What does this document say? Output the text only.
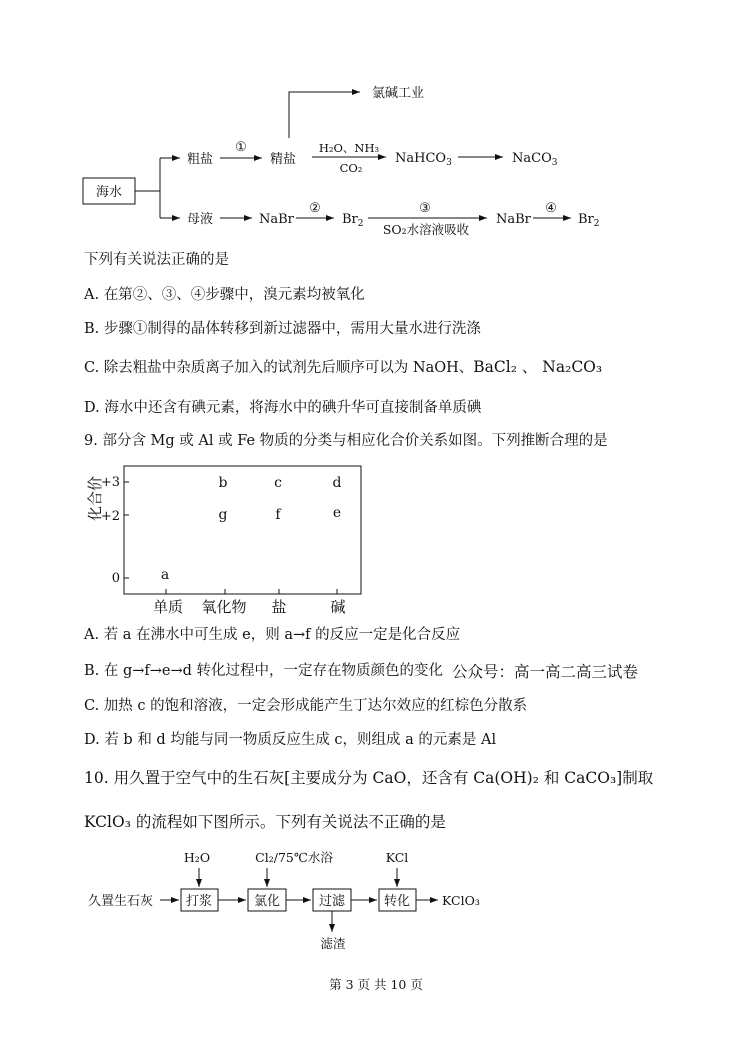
海水
粗盐
①
精盐
氯碱工业
H₂O、NH₃
CO₂
NaHCO$_3$	NaCO$_3$
母液	NaBr
②
$Br_2$
③
SO₂水溶液吸收
NaBr
④
$Br_2$
下列有关说法正确的是
A. 在第②、③、④步骤中，溴元素均被氧化
B. 步骤①制得的晶体转移到新过滤器中，需用大量水进行洗涤
C. 除去粗盐中杂质离子加入的试剂先后顺序可以为 NaOH、BaCl₂ 、 Na₂CO₃
D. 海水中还含有碘元素，将海水中的碘升华可直接制备单质碘
9. 部分含 Mg 或 Al 或 Fe 物质的分类与相应化合价关系如图。下列推断合理的是
化合价
+3
+2
0
单质 氧化物 盐	碱
a
b	c	d
g	f	e
A. 若 a 在沸水中可生成 e，则 a→f 的反应一定是化合反应
B. 在 g→f→e→d 转化过程中，一定存在物质颜色的变化 公众号：高一高二高三试卷
C. 加热 c 的饱和溶液，一定会形成能产生丁达尔效应的红棕色分散系
D. 若 b 和 d 均能与同一物质反应生成 c，则组成 a 的元素是 Al
10. 用久置于空气中的生石灰[主要成分为 CaO，还含有 Ca(OH)₂ 和 CaCO₃]制取
KClO₃ 的流程如下图所示。下列有关说法不正确的是
久置生石灰	打浆	氯化	过滤	转化	KClO₃
H₂O	Cl₂/75℃水浴	KCl
滤渣
第 3 页 共 10 页
